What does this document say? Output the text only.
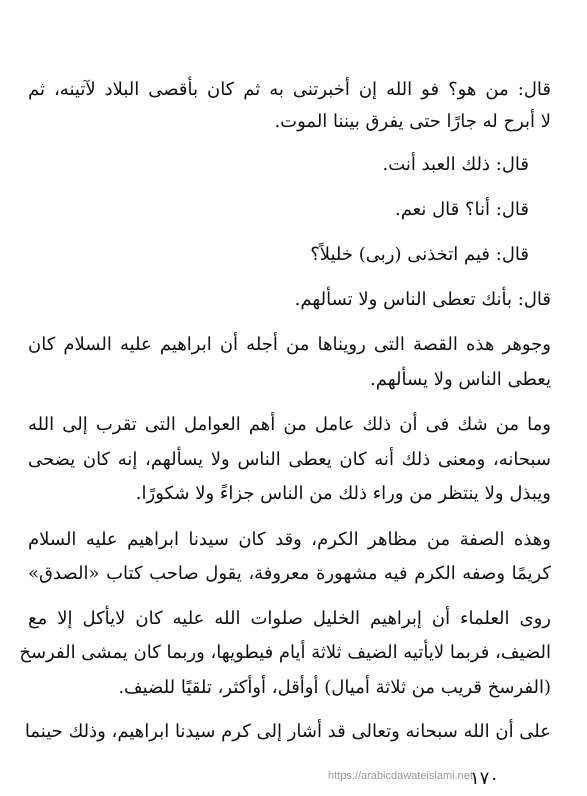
قال: من هو؟ فو الله إن أخبرتنى به ثم كان بأقصى البلاد لآتينه، ثم
لا أبرح له جارًا حتى يفرق بيننا الموت.
قال: ذلك العبد أنت.
قال: أنا؟ قال نعم.
قال: فيم اتخذنى (ربى) خليلاً؟
قال: بأنك تعطى الناس ولا تسألهم.
وجوهر هذه القصة التى رويناها من أجله أن ابراهيم عليه السلام كان
يعطى الناس ولا يسألهم.
وما من شك فى أن ذلك عامل من أهم العوامل التى تقرب إلى الله
سبحانه، ومعنى ذلك أنه كان يعطى الناس ولا يسألهم، إنه كان يضحى
ويبذل ولا ينتظر من وراء ذلك من الناس جزاءً ولا شكورًا.
وهذه الصفة من مظاهر الكرم، وقد كان سيدنا ابراهيم عليه السلام
كريمًا وصفه الكرم فيه مشهورة معروفة، يقول صاحب كتاب «الصدق»
روى العلماء أن إبراهيم الخليل صلوات الله عليه كان لايأكل إلا مع
الضيف، فربما لايأتيه الضيف ثلاثة أيام فيطويها، وربما كان يمشى الفرسخ
(الفرسخ قريب من ثلاثة أميال) أوأقل، أوأكثر، تلقيًا للضيف.
على أن الله سبحانه وتعالى قد أشار إلى كرم سيدنا ابراهيم، وذلك حينما
https://arabicdawateislami.net
١٧٠
